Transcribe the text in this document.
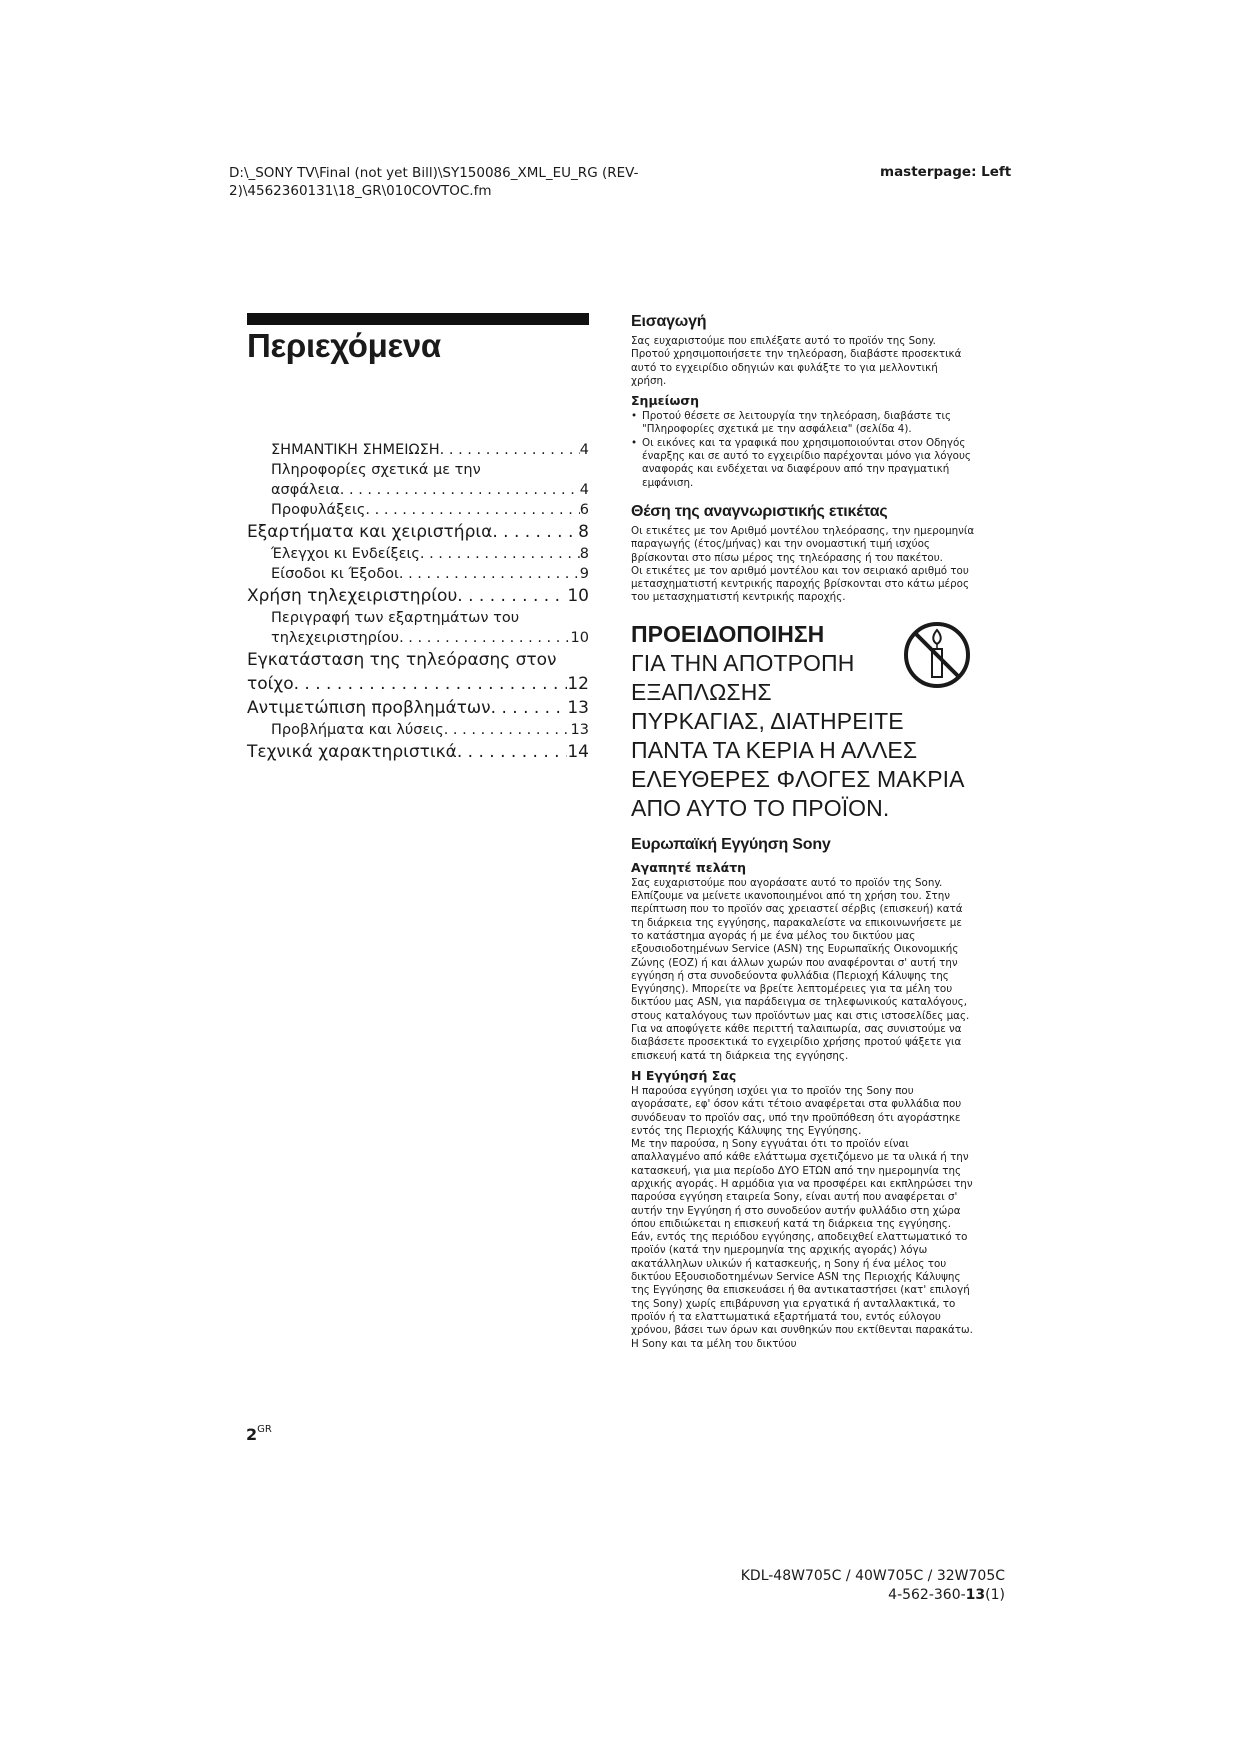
D:\_SONY TV\Final (not yet Bill)\SY150086_XML_EU_RG (REV-2)\4562360131\18_GR\010COVTOC.fm
masterpage: Left
Περιεχόμενα
ΣΗΜΑΝΤΙΚΗ ΣΗΜΕΙΩΣΗ . . .	4
Πληροφορίες σχετικά με την
ασφάλεια . . .	4
Προφυλάξεις . . .	6
Εξαρτήματα και χειριστήρια . . .	8
Έλεγχοι κι Ενδείξεις . . .	8
Είσοδοι κι Έξοδοι . . .	9
Χρήση τηλεχειριστηρίου . . .	10
Περιγραφή των εξαρτημάτων του
τηλεχειριστηρίου . . .	10
Εγκατάσταση της τηλεόρασης στον
τοίχο . . .	12
Αντιμετώπιση προβλημάτων . . .	13
Προβλήματα και λύσεις . . .	13
Τεχνικά χαρακτηριστικά . . .	14
$2^{GR}$
Εισαγωγή

Σας ευχαριστούμε που επιλέξατε αυτό το προϊόν της Sony. Προτού χρησιμοποιήσετε την τηλεόραση, διαβάστε προσεκτικά αυτό το εγχειρίδιο οδηγιών και φυλάξτε το για μελλοντική χρήση.

Σημείωση
• Προτού θέσετε σε λειτουργία την τηλεόραση, διαβάστε τις "Πληροφορίες σχετικά με την ασφάλεια" (σελίδα 4).
• Οι εικόνες και τα γραφικά που χρησιμοποιούνται στον Οδηγός έναρξης και σε αυτό το εγχειρίδιο παρέχονται μόνο για λόγους αναφοράς και ενδέχεται να διαφέρουν από την πραγματική εμφάνιση.
Θέση της αναγνωριστικής ετικέτας

Οι ετικέτες με τον Αριθμό μοντέλου τηλεόρασης, την ημερομηνία παραγωγής (έτος/μήνας) και την ονομαστική τιμή ισχύος βρίσκονται στο πίσω μέρος της τηλεόρασης ή του πακέτου.

Οι ετικέτες με τον αριθμό μοντέλου και τον σειριακό αριθμό του μετασχηματιστή κεντρικής παροχής βρίσκονται στο κάτω μέρος του μετασχηματιστή κεντρικής παροχής.

ΠΡΟΕΙΔΟΠΟΙΗΣΗ
ΓΙΑ ΤΗΝ ΑΠΟΤΡΟΠΗ
ΕΞΑΠΛΩΣΗΣ
ΠΥΡΚΑΓΙΑΣ, ΔΙΑΤΗΡΕΙΤΕ
ΠΑΝΤΑ ΤΑ ΚΕΡΙΑ Η ΑΛΛΕΣ
ΕΛΕΥΘΕΡΕΣ ΦΛΟΓΕΣ ΜΑΚΡΙΑ
ΑΠΟ ΑΥΤΟ ΤΟ ΠΡΟΪΟΝ.
Ευρωπαϊκή Εγγύηση Sony
Αγαπητέ πελάτη

Σας ευχαριστούμε που αγοράσατε αυτό το προϊόν της Sony. Ελπίζουμε να μείνετε ικανοποιημένοι από τη χρήση του. Στην περίπτωση που το προϊόν σας χρειαστεί σέρβις (επισκευή) κατά τη διάρκεια της εγγύησης, παρακαλείστε να επικοινωνήσετε με το κατάστημα αγοράς ή με ένα μέλος του δικτύου μας εξουσιοδοτημένων Service (ASN) της Ευρωπαϊκής Οικονομικής Ζώνης (ΕΟΖ) ή και άλλων χωρών που αναφέρονται σ' αυτή την εγγύηση ή στα συνοδεύοντα φυλλάδια (Περιοχή Κάλυψης της Εγγύησης). Μπορείτε να βρείτε λεπτομέρειες για τα μέλη του δικτύου μας ASN, για παράδειγμα σε τηλεφωνικούς καταλόγους, στους καταλόγους των προϊόντων μας και στις ιστοσελίδες μας. Για να αποφύγετε κάθε περιττή ταλαιπωρία, σας συνιστούμε να διαβάσετε προσεκτικά το εγχειρίδιο χρήσης προτού ψάξετε για επισκευή κατά τη διάρκεια της εγγύησης.

Η Εγγύησή Σας

Η παρούσα εγγύηση ισχύει για το προϊόν της Sony που αγοράσατε, εφ' όσον κάτι τέτοιο αναφέρεται στα φυλλάδια που συνόδευαν το προϊόν σας, υπό την προϋπόθεση ότι αγοράστηκε εντός της Περιοχής Κάλυψης της Εγγύησης.

Με την παρούσα, η Sony εγγυάται ότι το προϊόν είναι απαλλαγμένο από κάθε ελάττωμα σχετιζόμενο με τα υλικά ή την κατασκευή, για μια περίοδο ΔΥΟ ΕΤΩΝ από την ημερομηνία της αρχικής αγοράς. Η αρμόδια για να προσφέρει και εκπληρώσει την παρούσα εγγύηση εταιρεία Sony, είναι αυτή που αναφέρεται σ' αυτήν την Εγγύηση ή στο συνοδεύον αυτήν φυλλάδιο στη χώρα όπου επιδιώκεται η επισκευή κατά τη διάρκεια της εγγύησης.

Εάν, εντός της περιόδου εγγύησης, αποδειχθεί ελαττωματικό το προϊόν (κατά την ημερομηνία της αρχικής αγοράς) λόγω ακατάλληλων υλικών ή κατασκευής, η Sony ή ένα μέλος του δικτύου Εξουσιοδοτημένων Service ASN της Περιοχής Κάλυψης της Εγγύησης θα επισκευάσει ή θα αντικαταστήσει (κατ' επιλογή της Sony) χωρίς επιβάρυνση για εργατικά ή ανταλλακτικά, το προϊόν ή τα ελαττωματικά εξαρτήματά του, εντός εύλογου χρόνου, βάσει των όρων και συνθηκών που εκτίθενται παρακάτω. Η Sony και τα μέλη του δικτύου

KDL-48W705C / 40W705C / 32W705C
4-562-360-13(1)
